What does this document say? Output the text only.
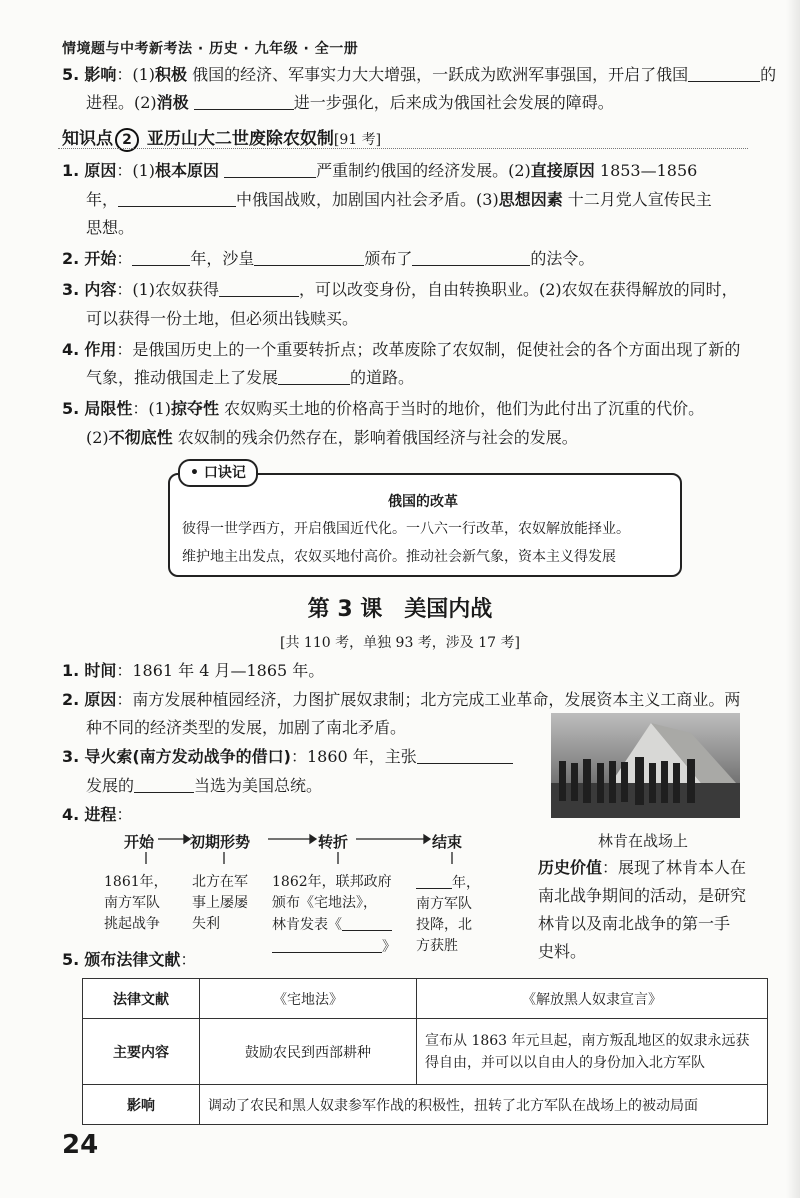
情境题与中考新考法 · 历史 · 九年级 · 全一册
5. 影响：(1)积极 俄国的经济、军事实力大大增强，一跃成为欧洲军事强国，开启了俄国	的
进程。(2)消极	进一步强化，后来成为俄国社会发展的障碍。
知识点 2 亚历山大二世废除农奴制[91 考]
1. 原因：(1)根本原因	严重制约俄国的经济发展。(2)直接原因 1853—1856
年，	中俄国战败，加剧国内社会矛盾。(3)思想因素 十二月党人宣传民主
思想。
2. 开始：	年，沙皇	颁布了	的法令。
3. 内容：(1)农奴获得	，可以改变身份，自由转换职业。(2)农奴在获得解放的同时，
可以获得一份土地，但必须出钱赎买。
4. 作用：是俄国历史上的一个重要转折点；改革废除了农奴制，促使社会的各个方面出现了新的
气象，推动俄国走上了发展	的道路。
5. 局限性：(1)掠夺性 农奴购买土地的价格高于当时的地价，他们为此付出了沉重的代价。
(2)不彻底性 农奴制的残余仍然存在，影响着俄国经济与社会的发展。
• 口诀记
俄国的改革
彼得一世学西方，开启俄国近代化。一八六一行改革，农奴解放能择业。
维护地主出发点，农奴买地付高价。推动社会新气象，资本主义得发展
第 3 课　美国内战
[共 110 考，单独 93 考，涉及 17 考]
1. 时间：1861 年 4 月—1865 年。
2. 原因：南方发展种植园经济，力图扩展奴隶制；北方完成工业革命，发展资本主义工商业。两
种不同的经济类型的发展，加剧了南北矛盾。
3. 导火索(南方发动战争的借口)：1860 年，主张
发展的	当选为美国总统。
4. 进程：
开始 初期形势	转折	结束
1861年，
南方军队
挑起战争
北方在军
事上屡屡
失利
1862年，联邦政府
颁布《宅地法》，
林肯发表《
》
年，
南方军队
投降，北
方获胜
林肯在战场上
历史价值：展现了林肯本人在
南北战争期间的活动，是研究
林肯以及南北战争的第一手
史料。
5. 颁布法律文献：
法律文献	《宅地法》	《解放黑人奴隶宣言》
主要内容	鼓励农民到西部耕种	宣布从 1863 年元旦起，南方叛乱地区的奴隶永远获得自由，并可以以自由人的身份加入北方军队
影响	调动了农民和黑人奴隶参军作战的积极性，扭转了北方军队在战场上的被动局面	
24
